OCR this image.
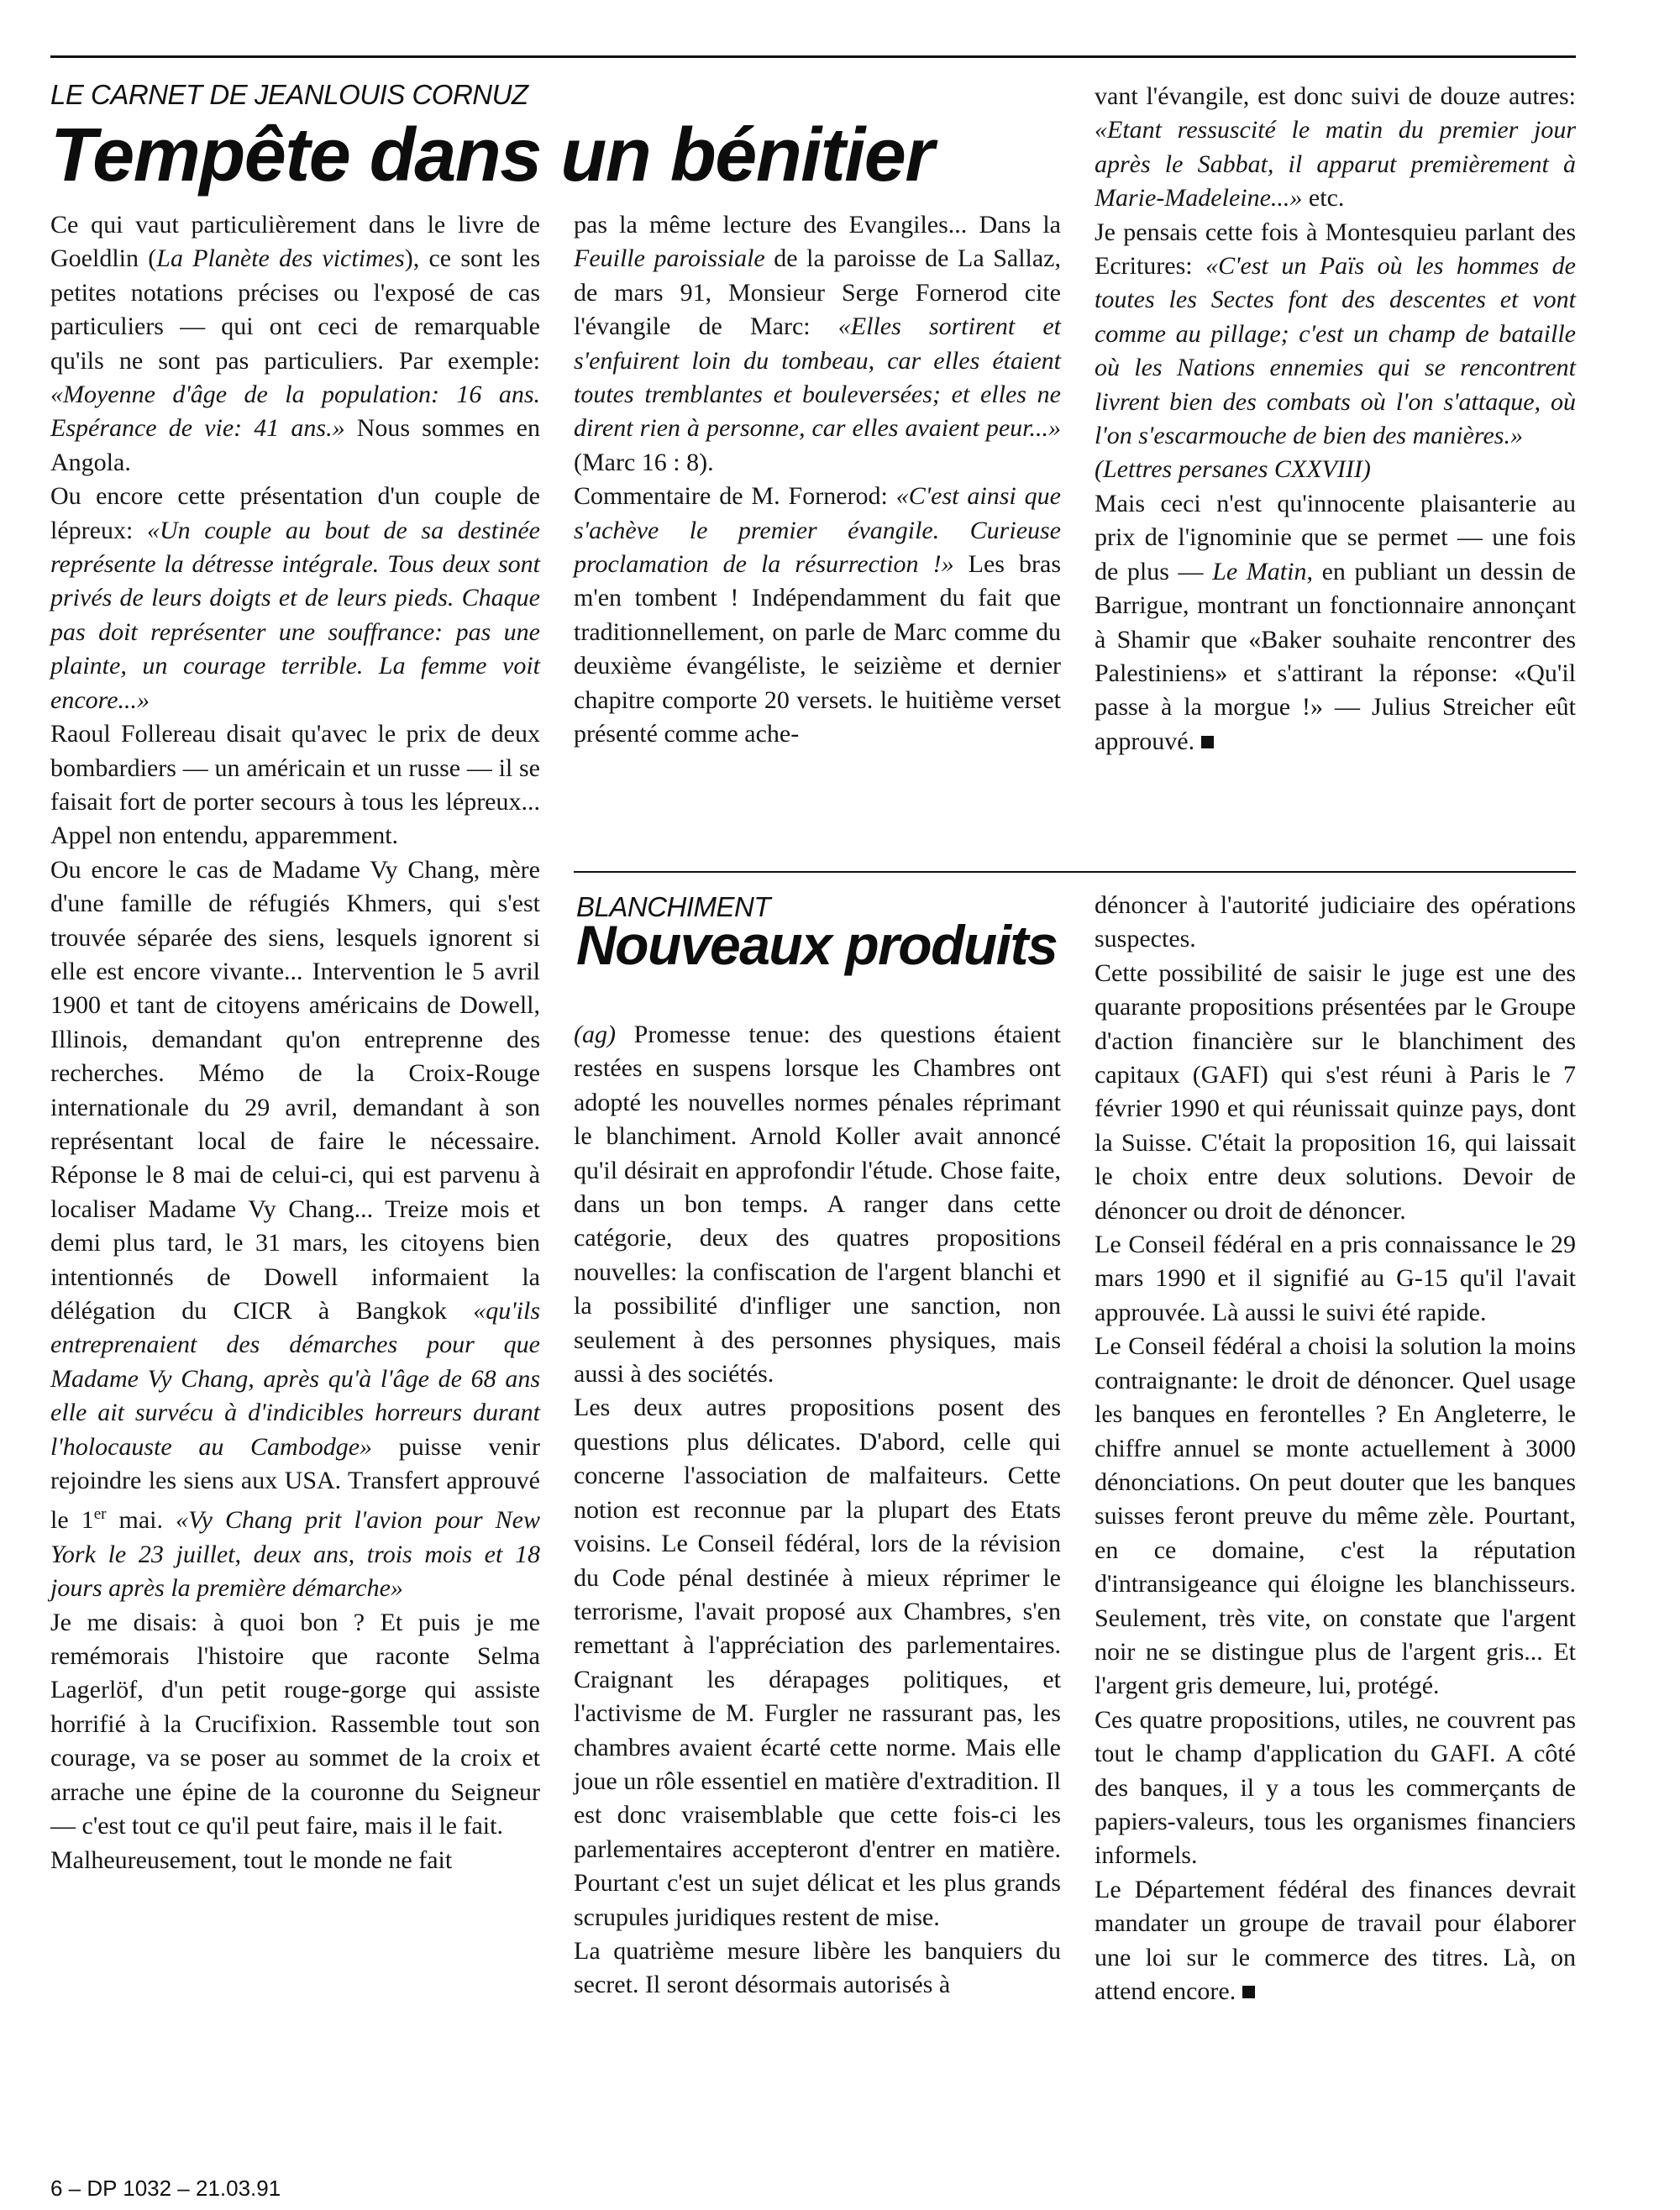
LE CARNET DE JEANLOUIS CORNUZ
Tempête dans un bénitier

Ce qui vaut particulièrement dans le livre de Goeldlin (La Planète des victimes), ce sont les petites notations précises ou l'exposé de cas particuliers — qui ont ceci de remarquable qu'ils ne sont pas particuliers. Par exemple: «Moyenne d'âge de la population: 16 ans. Espérance de vie: 41 ans.» Nous sommes en Angola.

Ou encore cette présentation d'un couple de lépreux: «Un couple au bout de sa destinée représente la détresse intégrale. Tous deux sont privés de leurs doigts et de leurs pieds. Chaque pas doit représenter une souffrance: pas une plainte, un courage terrible. La femme voit encore...»

Raoul Follereau disait qu'avec le prix de deux bombardiers — un américain et un russe — il se faisait fort de porter secours à tous les lépreux... Appel non entendu, apparemment.

Ou encore le cas de Madame Vy Chang, mère d'une famille de réfugiés Khmers, qui s'est trouvée séparée des siens, lesquels ignorent si elle est encore vivante... Intervention le 5 avril 1900 et tant de citoyens américains de Dowell, Illinois, demandant qu'on entreprenne des recherches. Mémo de la Croix-Rouge internationale du 29 avril, demandant à son représentant local de faire le nécessaire. Réponse le 8 mai de celui-ci, qui est parvenu à localiser Madame Vy Chang... Treize mois et demi plus tard, le 31 mars, les citoyens bien intentionnés de Dowell informaient la délégation du CICR à Bangkok «qu'ils entreprenaient des démarches pour que Madame Vy Chang, après qu'à l'âge de 68 ans elle ait survécu à d'indicibles horreurs durant l'holocauste au Cambodge» puisse venir rejoindre les siens aux USA. Transfert approuvé le 1er mai. «Vy Chang prit l'avion pour New York le 23 juillet, deux ans, trois mois et 18 jours après la première démarche»

Je me disais: à quoi bon ? Et puis je me remémorais l'histoire que raconte Selma Lagerlöf, d'un petit rouge-gorge qui assiste horrifié à la Crucifixion. Rassemble tout son courage, va se poser au sommet de la croix et arrache une épine de la couronne du Seigneur — c'est tout ce qu'il peut faire, mais il le fait.

Malheureusement, tout le monde ne fait

pas la même lecture des Evangiles... Dans la Feuille paroissiale de la paroisse de La Sallaz, de mars 91, Monsieur Serge Fornerod cite l'évangile de Marc: «Elles sortirent et s'enfuirent loin du tombeau, car elles étaient toutes tremblantes et bouleversées; et elles ne dirent rien à personne, car elles avaient peur...» (Marc 16 : 8).

Commentaire de M. Fornerod: «C'est ainsi que s'achève le premier évangile. Curieuse proclamation de la résurrection !» Les bras m'en tombent ! Indépendamment du fait que traditionnellement, on parle de Marc comme du deuxième évangéliste, le seizième et dernier chapitre comporte 20 versets. le huitième verset présenté comme ache-

vant l'évangile, est donc suivi de douze autres: «Etant ressuscité le matin du premier jour après le Sabbat, il apparut premièrement à Marie-Madeleine...» etc.

Je pensais cette fois à Montesquieu parlant des Ecritures: «C'est un Païs où les hommes de toutes les Sectes font des descentes et vont comme au pillage; c'est un champ de bataille où les Nations ennemies qui se rencontrent livrent bien des combats où l'on s'attaque, où l'on s'escarmouche de bien des manières.»
(Lettres persanes CXXVIII)

Mais ceci n'est qu'innocente plaisanterie au prix de l'ignominie que se permet — une fois de plus — Le Matin, en publiant un dessin de Barrigue, montrant un fonctionnaire annonçant à Shamir que «Baker souhaite rencontrer des Palestiniens» et s'attirant la réponse: «Qu'il passe à la morgue !» — Julius Streicher eût approuvé.

BLANCHIMENT
Nouveaux produits

(ag) Promesse tenue: des questions étaient restées en suspens lorsque les Chambres ont adopté les nouvelles normes pénales réprimant le blanchiment. Arnold Koller avait annoncé qu'il désirait en approfondir l'étude. Chose faite, dans un bon temps. A ranger dans cette catégorie, deux des quatres propositions nouvelles: la confiscation de l'argent blanchi et la possibilité d'infliger une sanction, non seulement à des personnes physiques, mais aussi à des sociétés.

Les deux autres propositions posent des questions plus délicates. D'abord, celle qui concerne l'association de malfaiteurs. Cette notion est reconnue par la plupart des Etats voisins. Le Conseil fédéral, lors de la révision du Code pénal destinée à mieux réprimer le terrorisme, l'avait proposé aux Chambres, s'en remettant à l'appréciation des parlementaires. Craignant les dérapages politiques, et l'activisme de M. Furgler ne rassurant pas, les chambres avaient écarté cette norme. Mais elle joue un rôle essentiel en matière d'extradition. Il est donc vraisemblable que cette fois-ci les parlementaires accepteront d'entrer en matière. Pourtant c'est un sujet délicat et les plus grands scrupules juridiques restent de mise.

La quatrième mesure libère les banquiers du secret. Il seront désormais autorisés à

dénoncer à l'autorité judiciaire des opérations suspectes.

Cette possibilité de saisir le juge est une des quarante propositions présentées par le Groupe d'action financière sur le blanchiment des capitaux (GAFI) qui s'est réuni à Paris le 7 février 1990 et qui réunissait quinze pays, dont la Suisse. C'était la proposition 16, qui laissait le choix entre deux solutions. Devoir de dénoncer ou droit de dénoncer.

Le Conseil fédéral en a pris connaissance le 29 mars 1990 et il signifié au G-15 qu'il l'avait approuvée. Là aussi le suivi été rapide.

Le Conseil fédéral a choisi la solution la moins contraignante: le droit de dénoncer. Quel usage les banques en ferontelles ? En Angleterre, le chiffre annuel se monte actuellement à 3000 dénonciations. On peut douter que les banques suisses feront preuve du même zèle. Pourtant, en ce domaine, c'est la réputation d'intransigeance qui éloigne les blanchisseurs. Seulement, très vite, on constate que l'argent noir ne se distingue plus de l'argent gris... Et l'argent gris demeure, lui, protégé.

Ces quatre propositions, utiles, ne couvrent pas tout le champ d'application du GAFI. A côté des banques, il y a tous les commerçants de papiers-valeurs, tous les organismes financiers informels.

Le Département fédéral des finances devrait mandater un groupe de travail pour élaborer une loi sur le commerce des titres. Là, on attend encore.

6 – DP 1032 – 21.03.91
